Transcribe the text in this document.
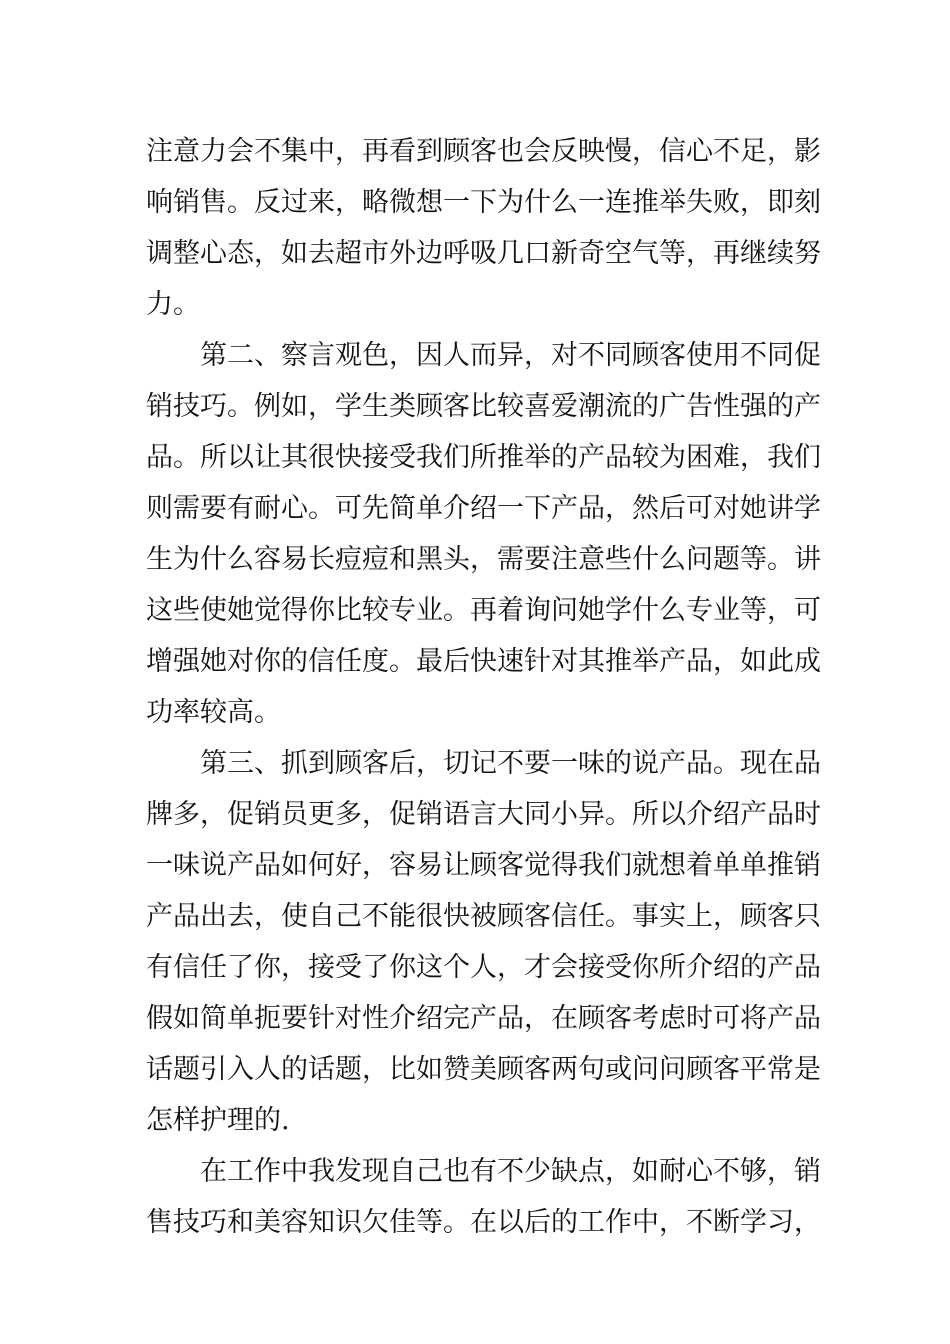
注 意 力 会 不 集 中 ， 再 看 到 顾 客 也 会 反 映 慢 ， 信 心 不 足 ， 影
响 销 售 。 反 过 来 ， 略 微 想 一 下 为 什 么 一 连 推 举 失 败 ， 即 刻
调 整 心 态 ， 如 去 超 市 外 边 呼 吸 几 口 新 奇 空 气 等 ， 再 继 续 努
力。
第 二 、 察 言 观 色 ， 因 人 而 异 ， 对 不 同 顾 客 使 用 不 同 促
销 技 巧 。 例 如 ， 学 生 类 顾 客 比 较 喜 爱 潮 流 的 广 告 性 强 的 产
品 。 所 以 让 其 很 快 接 受 我 们 所 推 举 的 产 品 较 为 困 难 ， 我 们
则 需 要 有 耐 心 。 可 先 简 单 介 绍 一 下 产 品 ， 然 后 可 对 她 讲 学
生 为 什 么 容 易 长 痘 痘 和 黑 头 ， 需 要 注 意 些 什 么 问 题 等 。 讲
这 些 使 她 觉 得 你 比 较 专 业 。 再 着 询 问 她 学 什 么 专 业 等 ， 可
增 强 她 对 你 的 信 任 度 。 最 后 快 速 针 对 其 推 举 产 品 ， 如 此 成
功率较高。
第 三 、 抓 到 顾 客 后 ， 切 记 不 要 一 味 的 说 产 品 。 现 在 品
牌 多 ， 促 销 员 更 多 ， 促 销 语 言 大 同 小 异 。 所 以 介 绍 产 品 时
一 味 说 产 品 如 何 好 ， 容 易 让 顾 客 觉 得 我 们 就 想 着 单 单 推 销
产 品 出 去 ， 使 自 己 不 能 很 快 被 顾 客 信 任 。 事 实 上 ， 顾 客 只
有 信 任 了 你 ， 接 受 了 你 这 个 人 ， 才 会 接 受 你 所 介 绍 的 产 品
假 如 简 单 扼 要 针 对 性 介 绍 完 产 品 ， 在 顾 客 考 虑 时 可 将 产 品
话 题 引 入 人 的 话 题 ， 比 如 赞 美 顾 客 两 句 或 问 问 顾 客 平 常 是
怎样护理的.
在 工 作 中 我 发 现 自 己 也 有 不 少 缺 点 ， 如 耐 心 不 够 ， 销
售 技 巧 和 美 容 知 识 欠 佳 等 。 在 以 后 的 工 作 中 ， 不 断 学 习 ，
